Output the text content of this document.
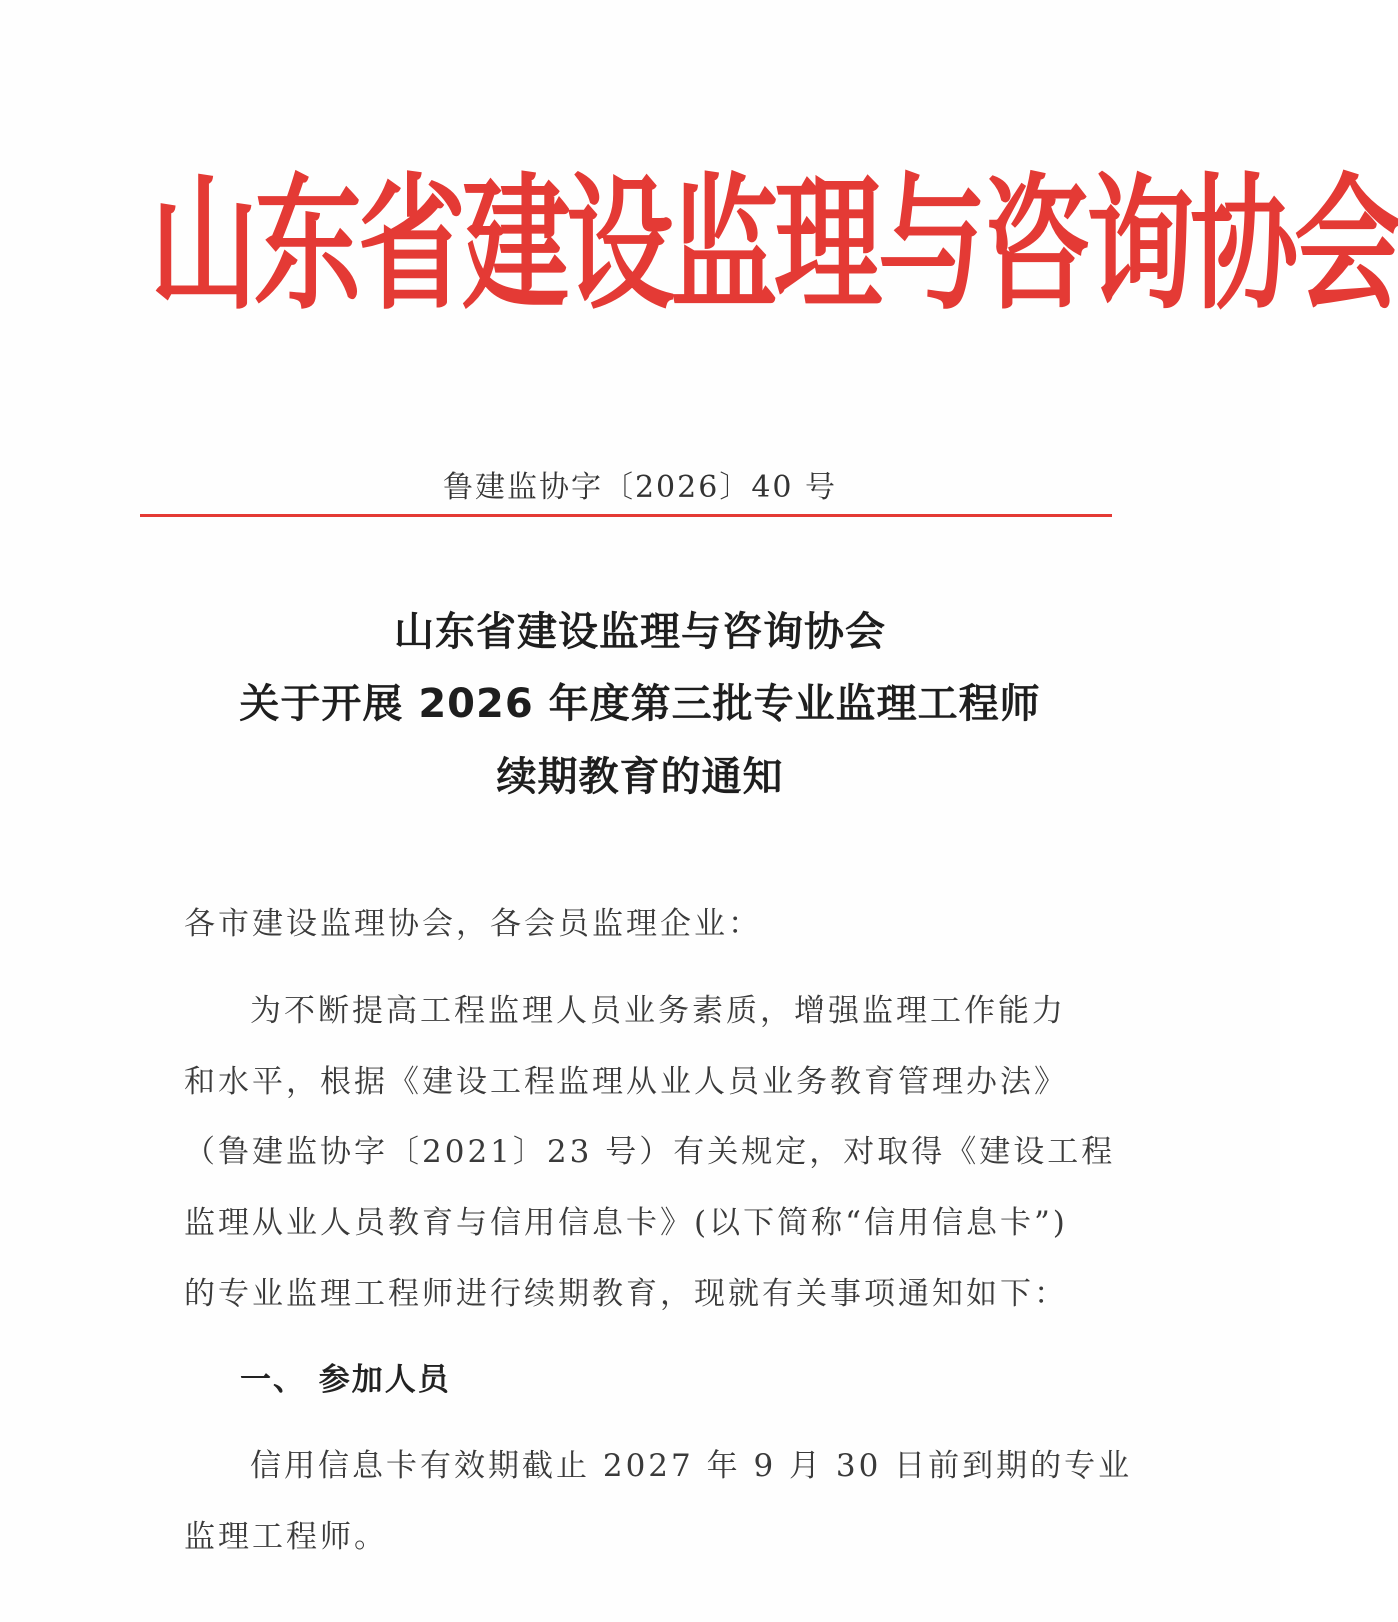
山 东 省 建 设 监 理 与 咨 询 协 会
鲁建监协字〔2026〕40 号
山东省建设监理与咨询协会
关于开展 2026 年度第三批专业监理工程师
续期教育的通知
各市建设监理协会，各会员监理企业：
为不断提高工程监理人员业务素质，增强监理工作能力
和水平，根据《建设工程监理从业人员业务教育管理办法》
（鲁建监协字〔2021〕23 号）有关规定，对取得《建设工程
监理从业人员教育与信用信息卡》(以下简称“信用信息卡”)
的专业监理工程师进行续期教育，现就有关事项通知如下：
一、 参加人员
信用信息卡有效期截止 2027 年 9 月 30 日前到期的专业
监理工程师。
